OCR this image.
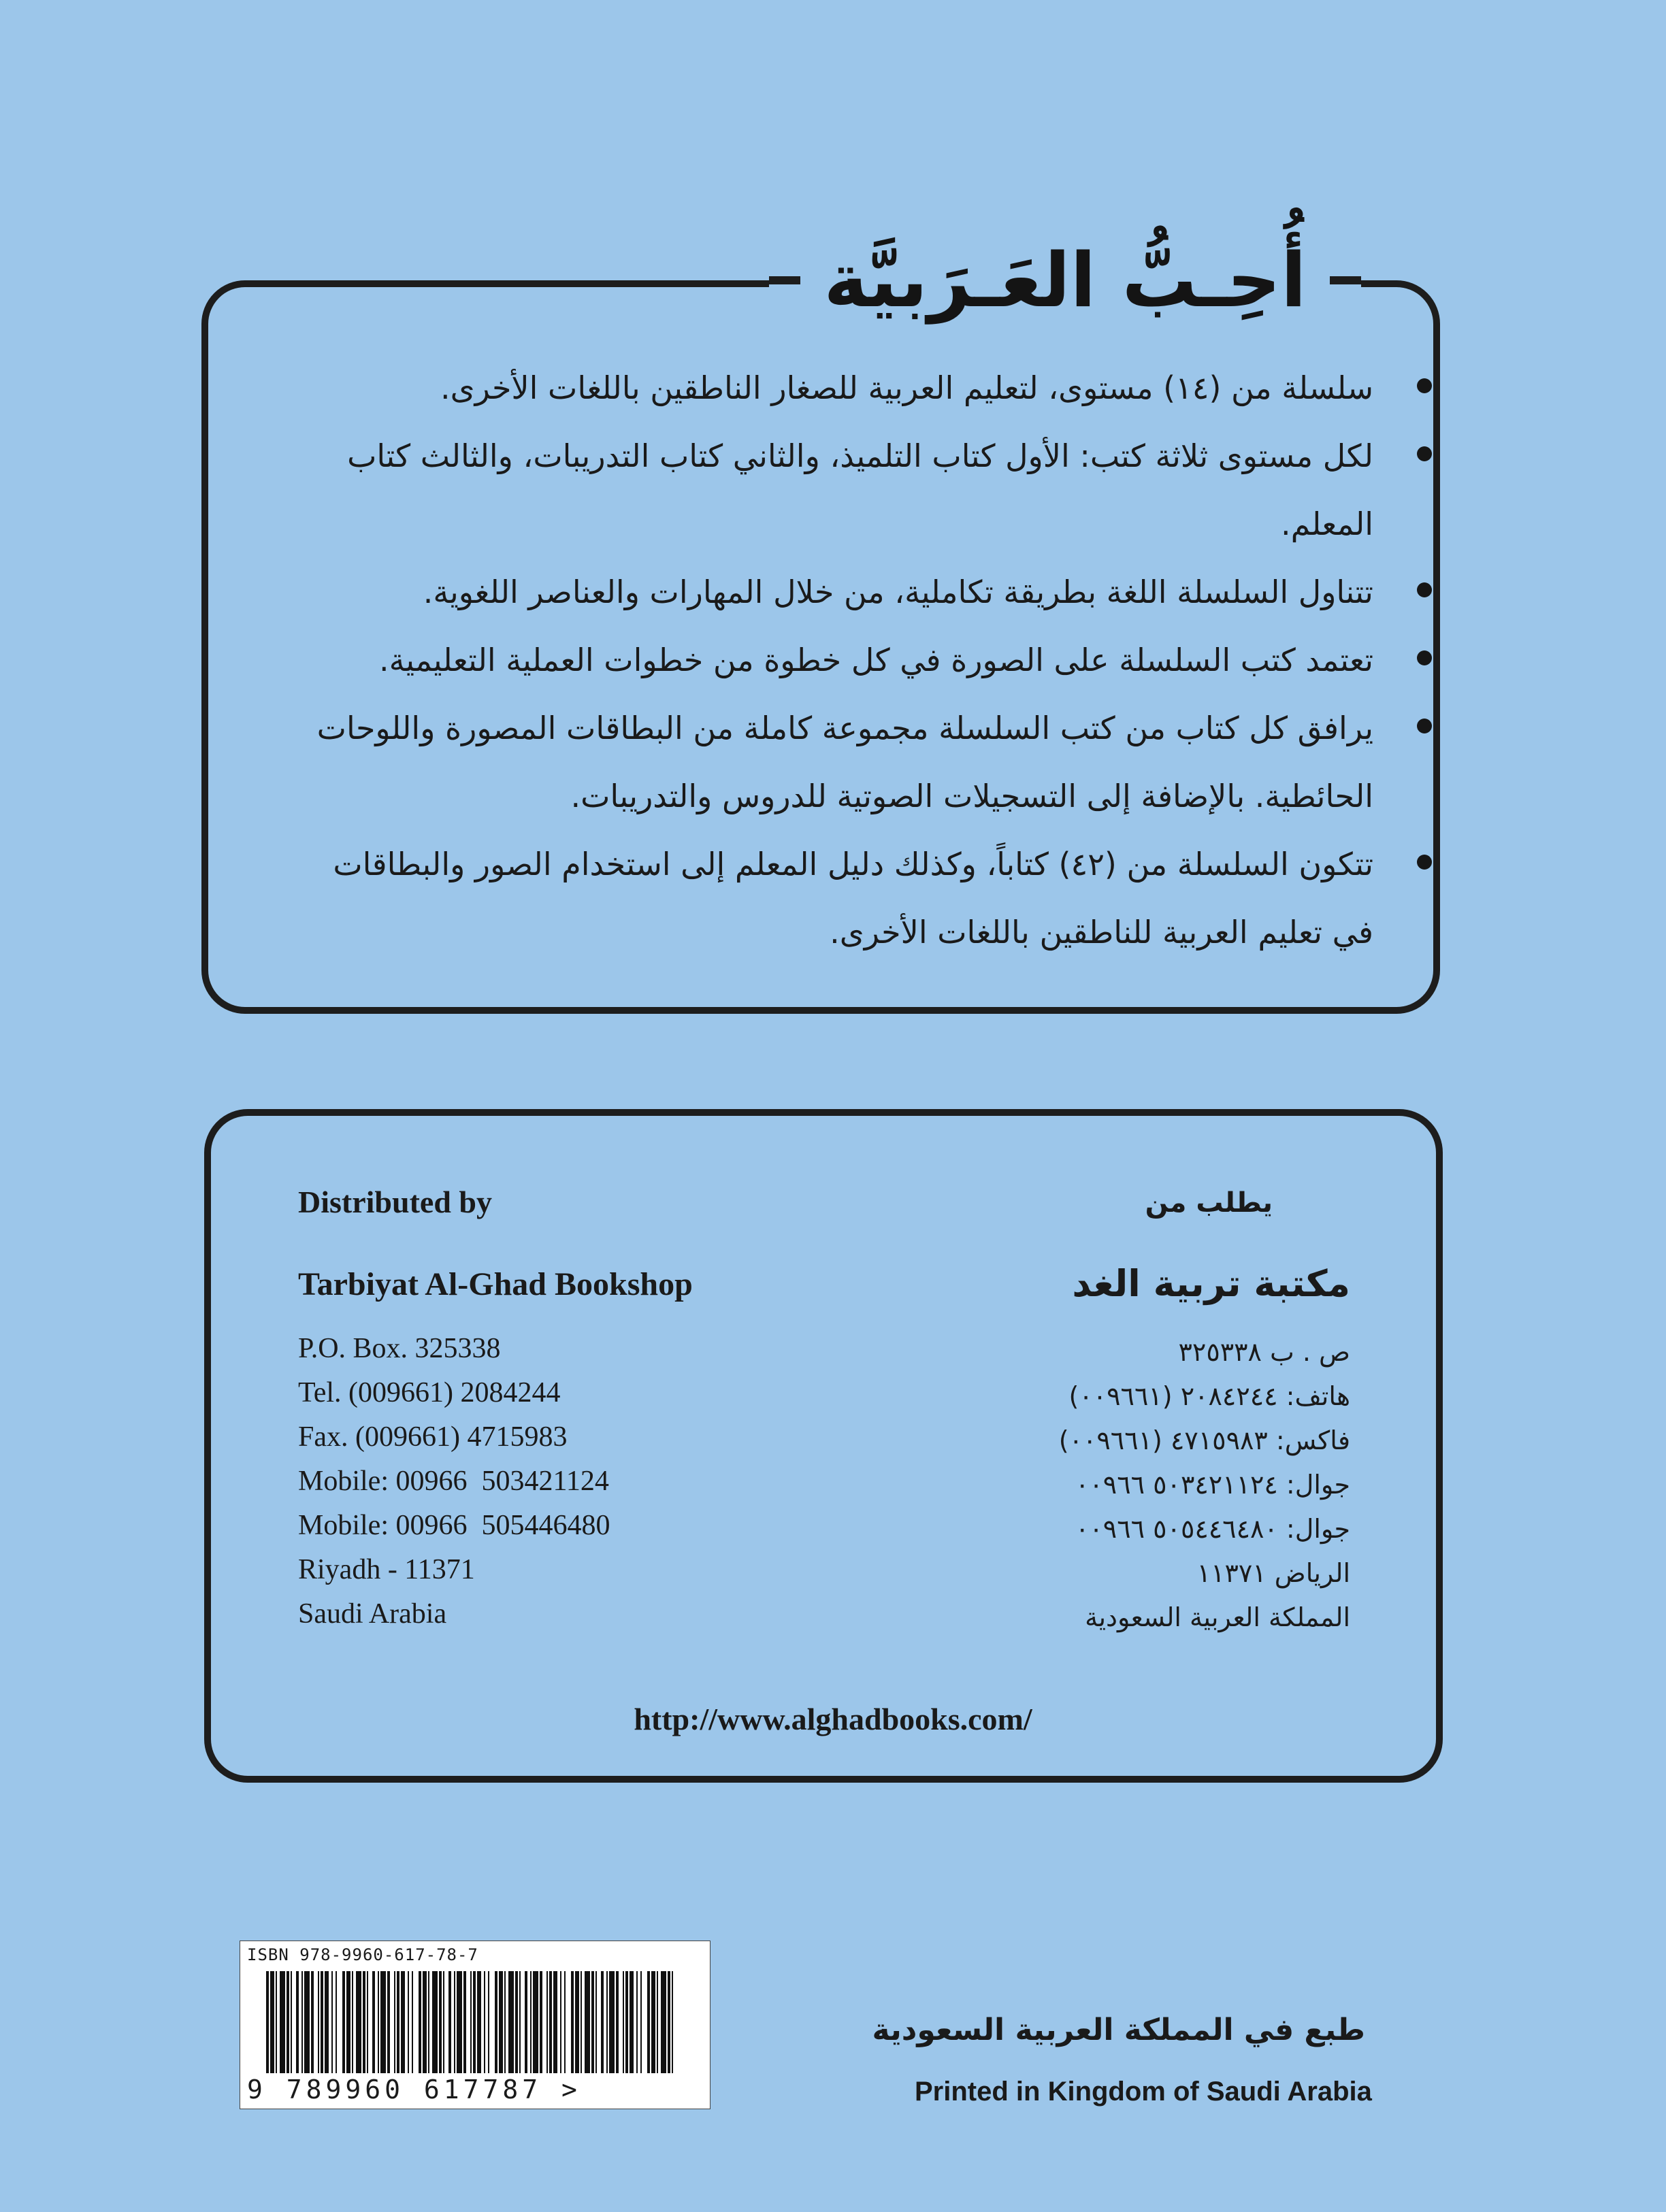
أُحِـبُّ العَـرَبيَّة
سلسلة من (١٤) مستوى، لتعليم العربية للصغار الناطقين باللغات الأخرى.
لكل مستوى ثلاثة كتب: الأول كتاب التلميذ، والثاني كتاب التدريبات، والثالث كتاب المعلم.
تتناول السلسلة اللغة بطريقة تكاملية، من خلال المهارات والعناصر اللغوية.
تعتمد كتب السلسلة على الصورة في كل خطوة من خطوات العملية التعليمية.
يرافق كل كتاب من كتب السلسلة مجموعة كاملة من البطاقات المصورة واللوحات الحائطية. بالإضافة إلى التسجيلات الصوتية للدروس والتدريبات.
تتكون السلسلة من (٤٢) كتاباً، وكذلك دليل المعلم إلى استخدام الصور والبطاقات في تعليم العربية للناطقين باللغات الأخرى.
Distributed by
Tarbiyat Al-Ghad Bookshop
P.O. Box. 325338
Tel. (009661) 2084244
Fax. (009661) 4715983
Mobile: 00966  503421124
Mobile: 00966  505446480
Riyadh - 11371
Saudi Arabia
يطلب من
مكتبة تربية الغد
ص . ب ٣٢٥٣٣٨
هاتف: ٢٠٨٤٢٤٤ (٠٠٩٦٦١)
فاكس: ٤٧١٥٩٨٣ (٠٠٩٦٦١)
جوال: ٥٠٣٤٢١١٢٤ ٠٠٩٦٦
جوال: ٥٠٥٤٤٦٤٨٠ ٠٠٩٦٦
الرياض ١١٣٧١
المملكة العربية السعودية
http://www.alghadbooks.com/
ISBN 978-9960-617-78-7
9 789960 617787 >
طبع في المملكة العربية السعودية
Printed in Kingdom of Saudi Arabia
